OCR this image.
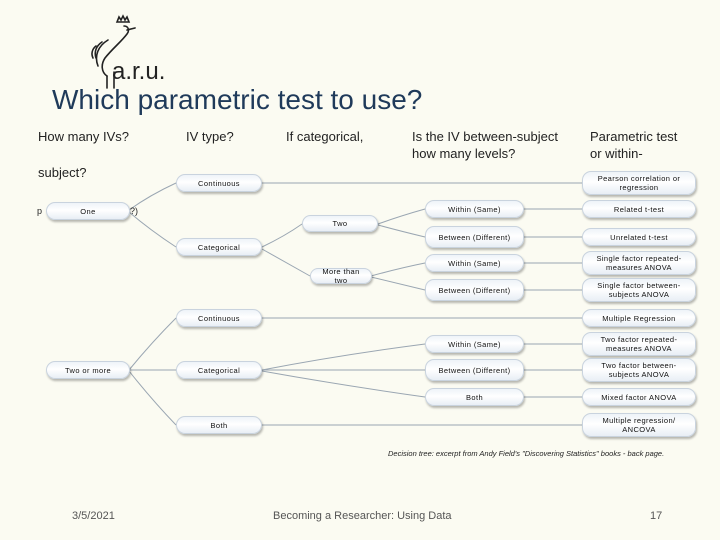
a.r.u.
Which parametric test to use?
How many IVs?	IV type?	If categorical,	Is the IV between-subject
how many levels?
Parametric test
or within-
subject?
p	?)
One
Two or more
Continuous
Categorical
Two
More than two
Within (Same)
Between (Different)
Within (Same)
Between (Different)
Pearson correlation or regression
Related t-test
Unrelated t-test
Single factor repeated-measures ANOVA
Single factor between-subjects ANOVA
Continuous
Categorical
Both
Within (Same)
Between (Different)
Both
Multiple Regression
Two factor repeated-measures ANOVA
Two factor between-subjects ANOVA
Mixed factor ANOVA
Multiple regression/ ANCOVA
Decision tree: excerpt from Andy Field's "Discovering Statistics" books - back page.
3/5/2021	Becoming a Researcher: Using Data	17
